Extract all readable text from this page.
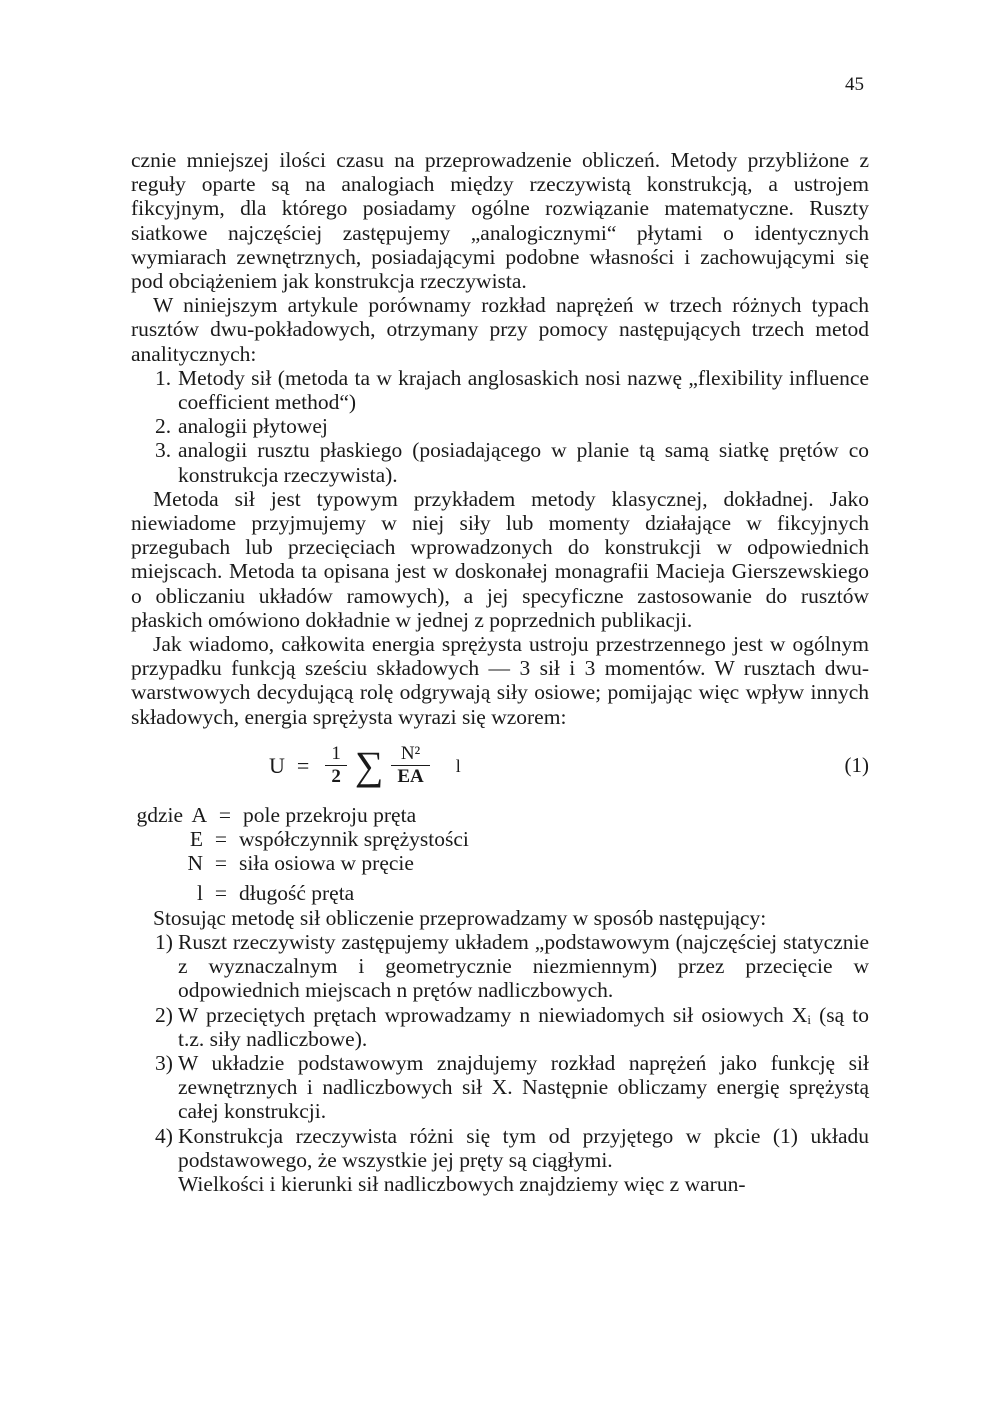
45

cznie mniejszej ilości czasu na przeprowadzenie obliczeń. Metody przybliżone z reguły oparte są na analogiach między rzeczywistą konstrukcją, a ustrojem fikcyjnym, dla którego posiadamy ogólne rozwiązanie matematyczne. Ruszty siatkowe najczęściej zastępujemy „analogicznymi“ płytami o identycznych wymiarach zewnętrznych, posiadającymi podobne własności i zachowującymi się pod obciążeniem jak konstrukcja rzeczywista.

W niniejszym artykule porównamy rozkład naprężeń w trzech różnych typach rusztów dwu-pokładowych, otrzymany przy pomocy następujących trzech metod analitycznych:

1. Metody sił (metoda ta w krajach anglosaskich nosi nazwę „flexibility influence coefficient method“)
2. analogii płytowej
3. analogii rusztu płaskiego (posiadającego w planie tą samą siatkę prętów co konstrukcja rzeczywista).

Metoda sił jest typowym przykładem metody klasycznej, dokładnej. Jako niewiadome przyjmujemy w niej siły lub momenty działające w fikcyjnych przegubach lub przecięciach wprowadzonych do konstrukcji w odpowiednich miejscach. Metoda ta opisana jest w doskonałej monagrafii Macieja Gierszewskiego o obliczaniu układów ramowych), a jej specyficzne zastosowanie do rusztów płaskich omówiono dokładnie w jednej z poprzednich publikacji.

Jak wiadomo, całkowita energia sprężysta ustroju przestrzennego jest w ogólnym przypadku funkcją sześciu składowych — 3 sił i 3 momentów. W rusztach dwu-warstwowych decydującą rolę odgrywają siły osiowe; pomijając więc wpływ innych składowych, energia sprężysta wyrazi się wzorem:

$U = \frac{1}{2}$ ∑ $\frac{\text{N²}}{EA}$ l	(1)
gdzie A = pole przekroju pręta
E = współczynnik sprężystości
N = siła osiowa w pręcie
l = długość pręta

Stosując metodę sił obliczenie przeprowadzamy w sposób następujący:

1) Ruszt rzeczywisty zastępujemy układem „podstawowym (najczęściej statycznie z wyznaczalnym i geometrycznie niezmiennym) przez przecięcie w odpowiednich miejscach n prętów nadliczbowych.
2) W przeciętych prętach wprowadzamy n niewiadomych sił osiowych Xᵢ (są to t.z. siły nadliczbowe).
3) W układzie podstawowym znajdujemy rozkład naprężeń jako funkcję sił zewnętrznych i nadliczbowych sił X. Następnie obliczamy energię sprężystą całej konstrukcji.
4) Konstrukcja rzeczywista różni się tym od przyjętego w pkcie (1) układu podstawowego, że wszystkie jej pręty są ciągłymi.

Wielkości i kierunki sił nadliczbowych znajdziemy więc z warun-
